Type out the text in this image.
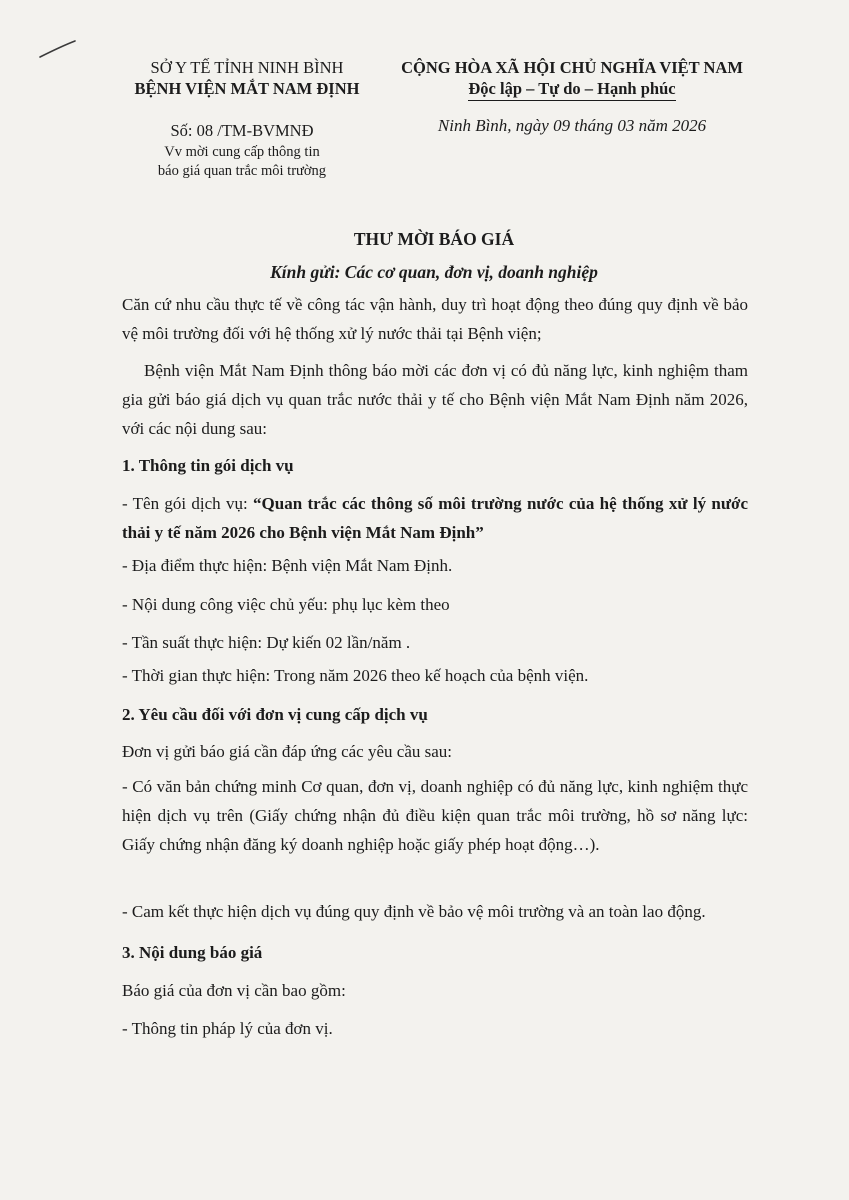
SỞ Y TẾ TỈNH NINH BÌNH
BỆNH VIỆN MẮT NAM ĐỊNH
CỘNG HÒA XÃ HỘI CHỦ NGHĨA VIỆT NAM
Độc lập – Tự do – Hạnh phúc
Số: 08 /TM-BVMNĐ
Vv mời cung cấp thông tin
báo giá quan trắc môi trường
Ninh Bình, ngày 09 tháng 03 năm 2026
THƯ MỜI BÁO GIÁ
Kính gửi: Các cơ quan, đơn vị, doanh nghiệp
Căn cứ nhu cầu thực tế về công tác vận hành, duy trì hoạt động theo đúng quy định về bảo vệ môi trường đối với hệ thống xử lý nước thải tại Bệnh viện;
Bệnh viện Mắt Nam Định thông báo mời các đơn vị có đủ năng lực, kinh nghiệm tham gia gửi báo giá dịch vụ quan trắc nước thải y tế cho Bệnh viện Mắt Nam Định năm 2026, với các nội dung sau:
1. Thông tin gói dịch vụ
- Tên gói dịch vụ: “Quan trắc các thông số môi trường nước của hệ thống xử lý nước thải y tế năm 2026 cho Bệnh viện Mắt Nam Định”
- Địa điểm thực hiện: Bệnh viện Mắt Nam Định.
- Nội dung công việc chủ yếu: phụ lục kèm theo
- Tần suất thực hiện: Dự kiến 02 lần/năm .
- Thời gian thực hiện: Trong năm 2026 theo kế hoạch của bệnh viện.
2. Yêu cầu đối với đơn vị cung cấp dịch vụ
Đơn vị gửi báo giá cần đáp ứng các yêu cầu sau:
- Có văn bản chứng minh Cơ quan, đơn vị, doanh nghiệp có đủ năng lực, kinh nghiệm thực hiện dịch vụ trên (Giấy chứng nhận đủ điều kiện quan trắc môi trường, hồ sơ năng lực: Giấy chứng nhận đăng ký doanh nghiệp hoặc giấy phép hoạt động…).
- Cam kết thực hiện dịch vụ đúng quy định về bảo vệ môi trường và an toàn lao động.
3. Nội dung báo giá
Báo giá của đơn vị cần bao gồm:
- Thông tin pháp lý của đơn vị.
